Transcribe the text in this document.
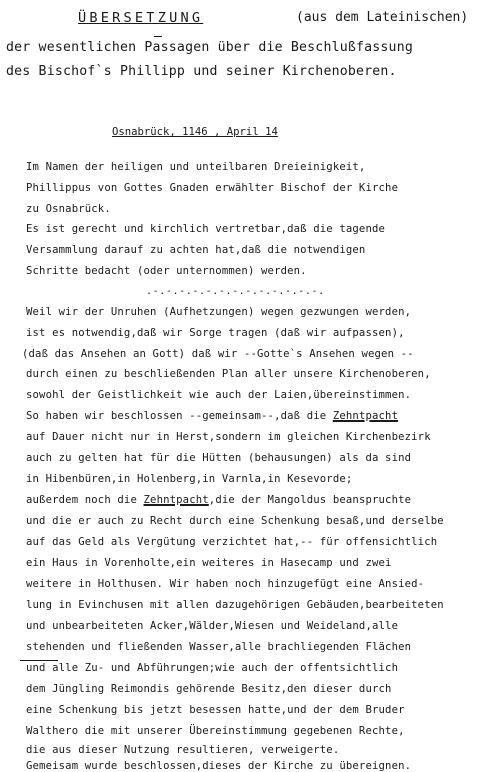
ÜBERSETZUNG	(aus dem Lateinischen)
der wesentlichen Passagen über die Beschlußfassung
des Bischof`s Phillipp und seiner Kirchenoberen.
Osnabrück, 1146 , April 14
Im Namen der heiligen und unteilbaren Dreieinigkeit,
Phillippus von Gottes Gnaden erwählter Bischof der Kirche
zu Osnabrück.
Es ist gerecht und kirchlich vertretbar,daß die tagende
Versammlung darauf zu achten hat,daß die notwendigen
Schritte bedacht (oder unternommen) werden.
.-.-.-.-.-.-.-.-.-.-.-.-.-.
Weil wir der Unruhen (Aufhetzungen) wegen gezwungen werden,
ist es notwendig,daß wir Sorge tragen (daß wir aufpassen),
(daß das Ansehen an Gott) daß wir --Gotte`s Ansehen wegen --
durch einen zu beschließenden Plan aller unsere Kirchenoberen,
sowohl der Geistlichkeit wie auch der Laien,übereinstimmen.
So haben wir beschlossen --gemeinsam--,daß die Zehntpacht
auf Dauer nicht nur in Herst,sondern im gleichen Kirchenbezirk
auch zu gelten hat für die Hütten (behausungen) als da sind
in Hibenbüren,in Holenberg,in Varnla,in Kesevorde;
außerdem noch die Zehntpacht,die der Mangoldus beanspruchte
und die er auch zu Recht durch eine Schenkung besaß,und derselbe
auf das Geld als Vergütung verzichtet hat,-- für offensichtlich
ein Haus in Vorenholte,ein weiteres in Hasecamp und zwei
weitere in Holthusen. Wir haben noch hinzugefügt eine Ansied-
lung in Evinchusen mit allen dazugehörigen Gebäuden,bearbeiteten
und unbearbeiteten Acker,Wälder,Wiesen und Weideland,alle
stehenden und fließenden Wasser,alle brachliegenden Flächen
und alle Zu- und Abführungen;wie auch der offentsichtlich
dem Jüngling Reimondis gehörende Besitz,den dieser durch
eine Schenkung bis jetzt besessen hatte,und der dem Bruder
Walthero die mit unserer Übereinstimmung gegebenen Rechte,
die aus dieser Nutzung resultieren, verweigerte.
Gemeisam wurde beschlossen,dieses der Kirche zu übereignen.
